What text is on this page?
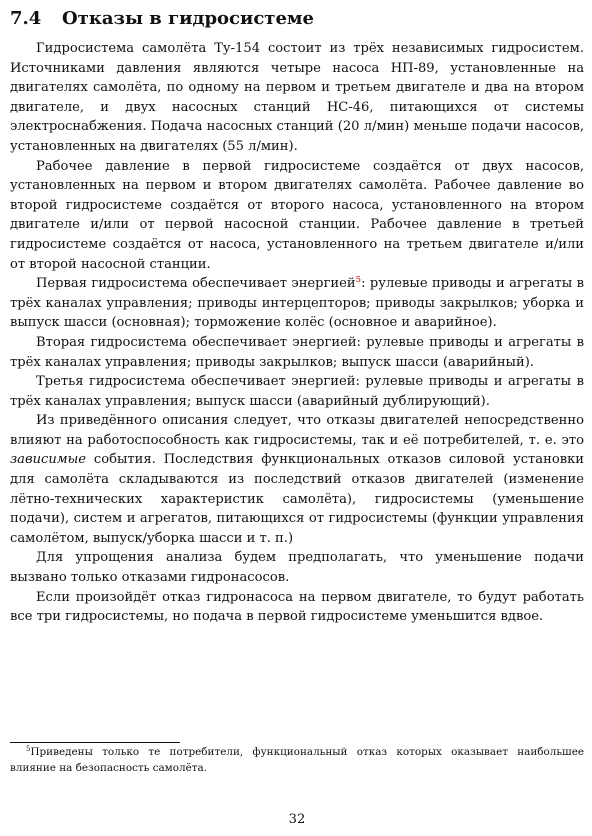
7.4 Отказы в гидросистеме

Гидросистема самолёта Ту-154 состоит из трёх независимых гидросистем. Источниками давления являются четыре насоса НП-89, установленные на двигателях самолёта, по одному на первом и третьем двигателе и два на втором двигателе, и двух насосных станций НС-46, питающихся от системы электроснабжения. Подача насосных станций (20 л/мин) меньше подачи насосов, установленных на двигателях (55 л/мин).

Рабочее давление в первой гидросистеме создаётся от двух насосов, установленных на первом и втором двигателях самолёта. Рабочее давление во второй гидросистеме создаётся от второго насоса, установленного на втором двигателе и/или от первой насосной станции. Рабочее давление в третьей гидросистеме создаётся от насоса, установленного на третьем двигателе и/или от второй насосной станции.

Первая гидросистема обеспечивает энергией$^5$: рулевые приводы и агрегаты в трёх каналах управления; приводы интерцепторов; приводы закрылков; уборка и выпуск шасси (основная); торможение колёс (основное и аварийное).

Вторая гидросистема обеспечивает энергией: рулевые приводы и агрегаты в трёх каналах управления; приводы закрылков; выпуск шасси (аварийный).

Третья гидросистема обеспечивает энергией: рулевые приводы и агрегаты в трёх каналах управления; выпуск шасси (аварийный дублирующий).

Из приведённого описания следует, что отказы двигателей непосредственно влияют на работоспособность как гидросистемы, так и её потребителей, т. е. это зависимые события. Последствия функциональных отказов силовой установки для самолёта складываются из последствий отказов двигателей (изменение лётно-технических характеристик самолёта), гидросистемы (уменьшение подачи), систем и агрегатов, питающихся от гидросистемы (функции управления самолётом, выпуск/уборка шасси и т. п.)

Для упрощения анализа будем предполагать, что уменьшение подачи вызвано только отказами гидронасосов.

Если произойдёт отказ гидронасоса на первом двигателе, то будут работать все три гидросистемы, но подача в первой гидросистеме уменьшится вдвое.

$^5$Приведены только те потребители, функциональный отказ которых оказывает наибольшее влияние на безопасность самолёта.
32
